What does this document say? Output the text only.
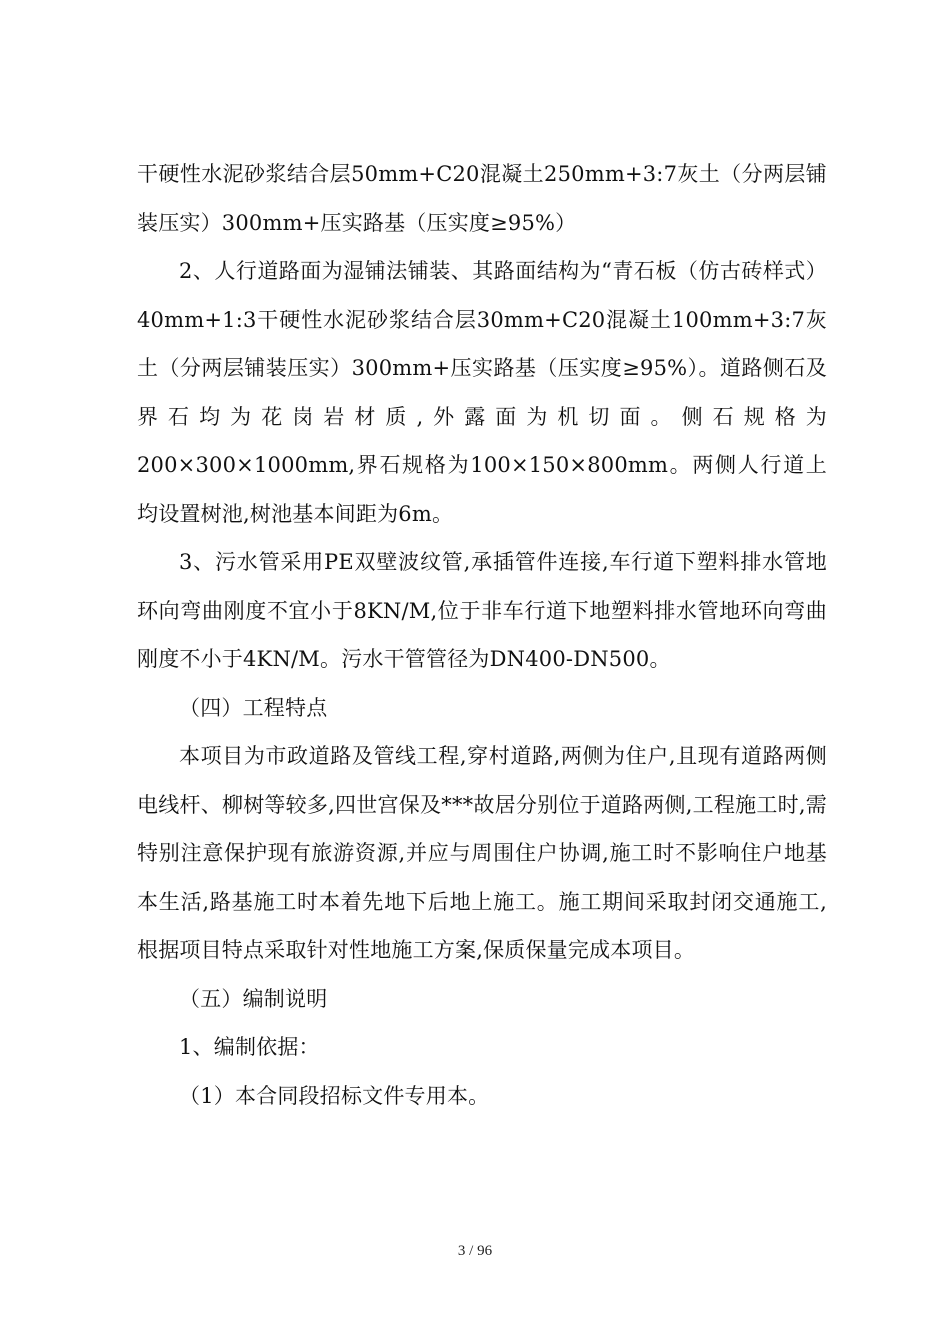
干硬性水泥砂浆结合层50mm+C20混凝土250mm+3:7灰土（分两层铺装压实）300mm+压实路基（压实度≥95%）

2、人行道路面为湿铺法铺装、其路面结构为“青石板（仿古砖样式）40mm+1:3干硬性水泥砂浆结合层30mm+C20混凝土100mm+3:7灰土（分两层铺装压实）300mm+压实路基（压实度≥95%）。道路侧石及界石均为花岗岩材质,外露面为机切面。侧石规格为200×300×1000mm,界石规格为100×150×800mm。两侧人行道上均设置树池,树池基本间距为6m。

3、污水管采用PE双壁波纹管,承插管件连接,车行道下塑料排水管地环向弯曲刚度不宜小于8KN/M,位于非车行道下地塑料排水管地环向弯曲刚度不小于4KN/M。污水干管管径为DN400-DN500。

（四）工程特点

本项目为市政道路及管线工程,穿村道路,两侧为住户,且现有道路两侧电线杆、柳树等较多,四世宫保及***故居分别位于道路两侧,工程施工时,需特别注意保护现有旅游资源,并应与周围住户协调,施工时不影响住户地基本生活,路基施工时本着先地下后地上施工。施工期间采取封闭交通施工,根据项目特点采取针对性地施工方案,保质保量完成本项目。

（五）编制说明

1、编制依据：

（1）本合同段招标文件专用本。

3 / 96
